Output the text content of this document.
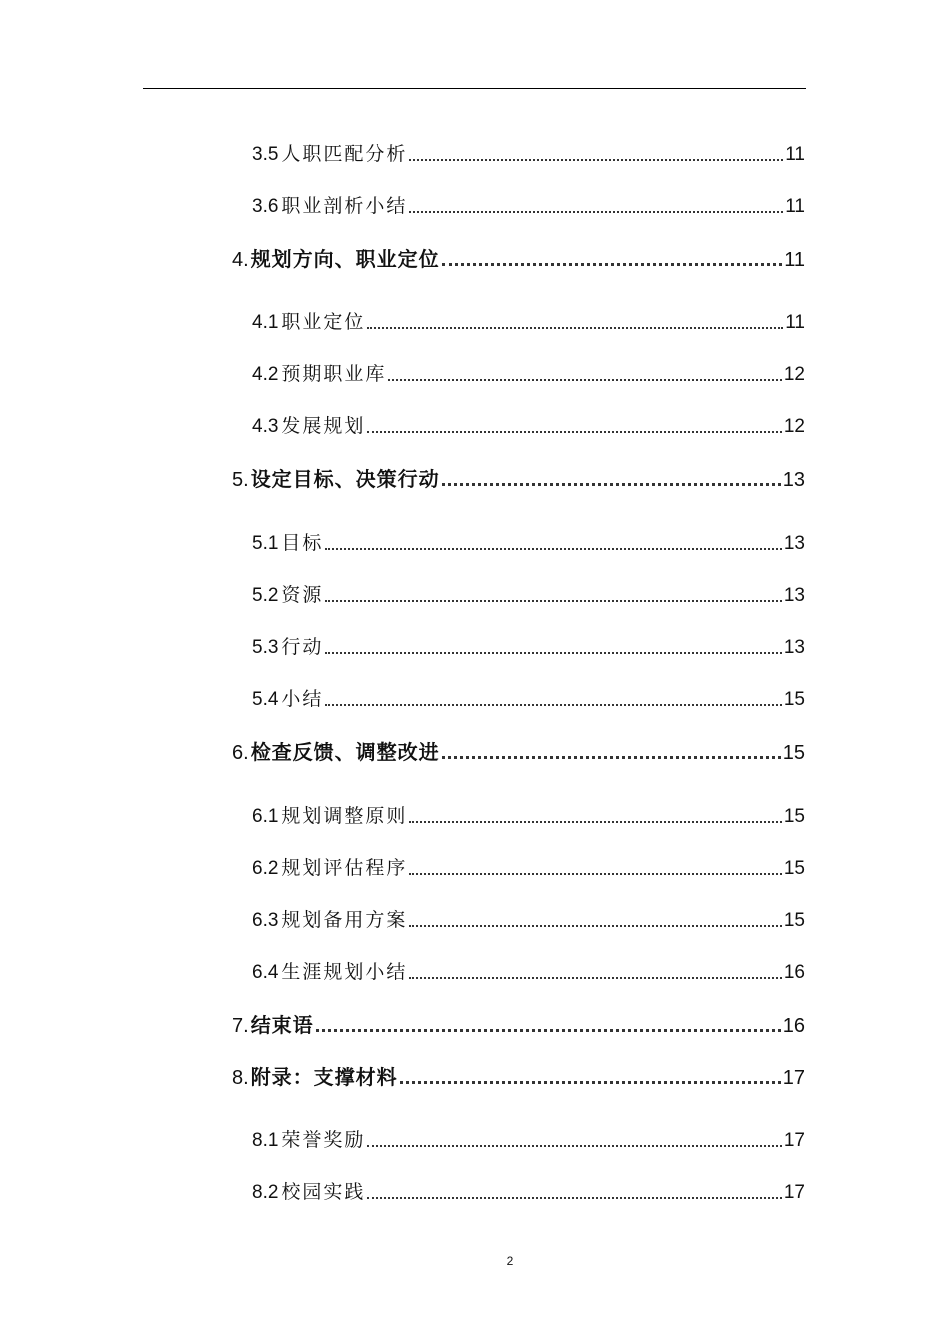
3.5 人职匹配分析	11
3.6 职业剖析小结	11
4. 规划方向、职业定位	11
4.1 职业定位	11
4.2 预期职业库	12
4.3 发展规划	12
5. 设定目标、决策行动	13
5.1 目标	13
5.2 资源	13
5.3 行动	13
5.4 小结	15
6. 检查反馈、调整改进	15
6.1 规划调整原则	15
6.2 规划评估程序	15
6.3 规划备用方案	15
6.4 生涯规划小结	16
7. 结束语	16
8. 附录：支撑材料	17
8.1 荣誉奖励	17
8.2 校园实践	17
2
